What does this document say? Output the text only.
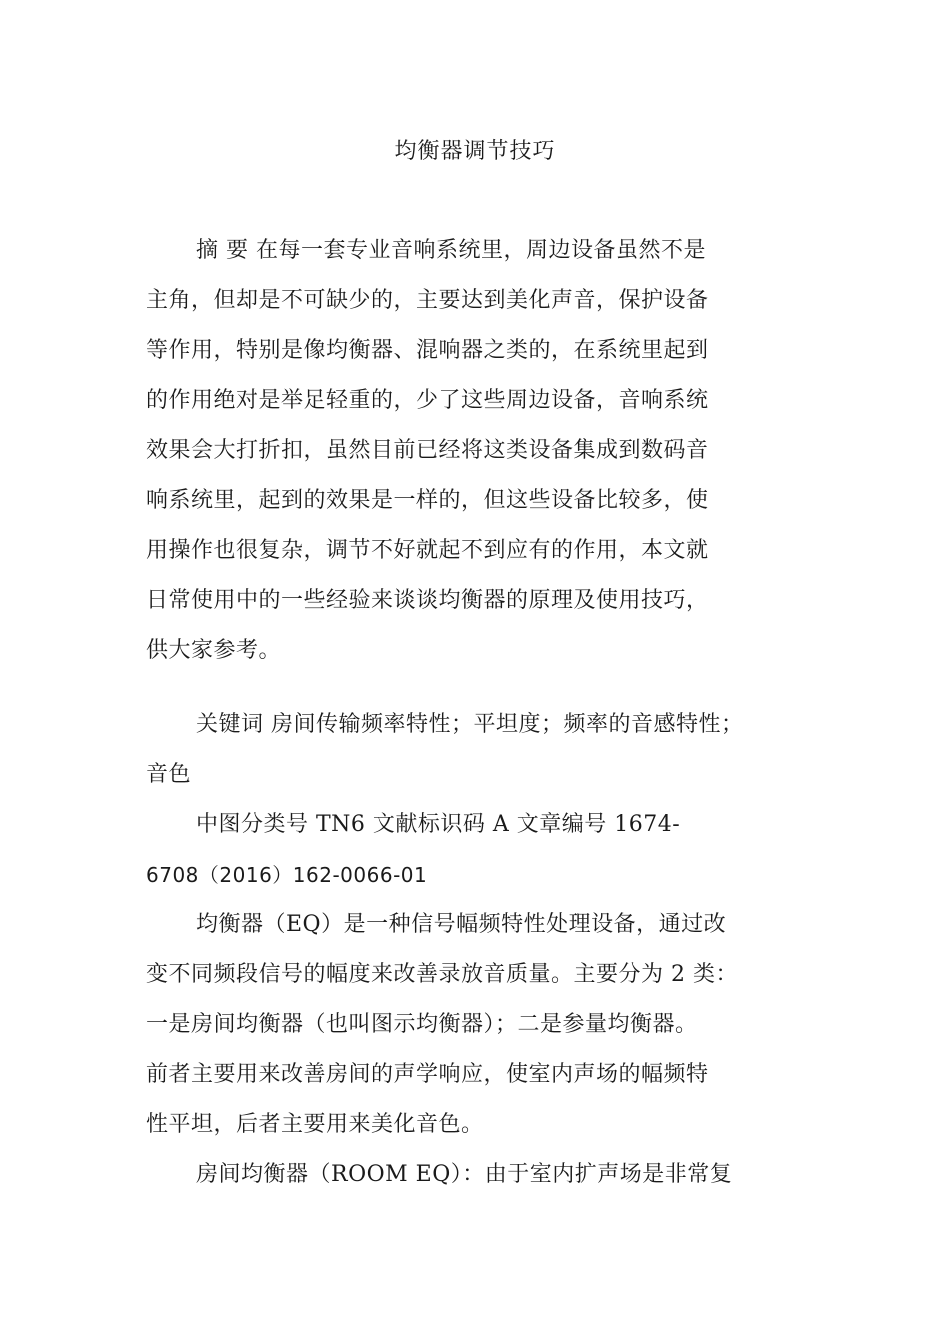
均衡器调节技巧
摘 要 在每一套专业音响系统里，周边设备虽然不是
主角，但却是不可缺少的，主要达到美化声音，保护设备
等作用，特别是像均衡器、混响器之类的，在系统里起到
的作用绝对是举足轻重的，少了这些周边设备，音响系统
效果会大打折扣，虽然目前已经将这类设备集成到数码音
响系统里，起到的效果是一样的，但这些设备比较多，使
用操作也很复杂，调节不好就起不到应有的作用，本文就
日常使用中的一些经验来谈谈均衡器的原理及使用技巧，
供大家参考。
关键词 房间传输频率特性；平坦度；频率的音感特性；
音色
中图分类号 TN6 文献标识码 A 文章编号 1674-
6708（2016）162-0066-01
均衡器（EQ）是一种信号幅频特性处理设备，通过改
变不同频段信号的幅度来改善录放音质量。主要分为 2 类：
一是房间均衡器（也叫图示均衡器）；二是参量均衡器。
前者主要用来改善房间的声学响应，使室内声场的幅频特
性平坦，后者主要用来美化音色。
房间均衡器（ROOM EQ）：由于室内扩声场是非常复
